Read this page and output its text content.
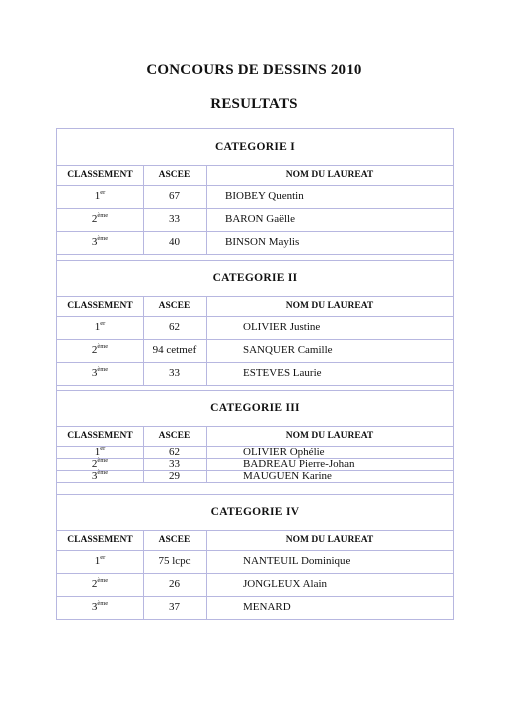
CONCOURS DE DESSINS 2010
RESULTATS
CATEGORIE I
CLASSEMENT	ASCEE	NOM DU LAUREAT
1er	67	BIOBEY Quentin
2ème	33	BARON Gaëlle
3ème	40	BINSON Maylis
CATEGORIE II
CLASSEMENT	ASCEE	NOM DU LAUREAT
1er	62	OLIVIER Justine
2ème	94 cetmef	SANQUER Camille
3ème	33	ESTEVES Laurie
CATEGORIE III
CLASSEMENT	ASCEE	NOM DU LAUREAT
1er	62	OLIVIER Ophélie
2ème	33	BADREAU Pierre-Johan
3ème	29	MAUGUEN Karine
CATEGORIE IV
CLASSEMENT	ASCEE	NOM DU LAUREAT
1er	75 lcpc	NANTEUIL Dominique
2ème	26	JONGLEUX Alain
3ème	37	MENARD
